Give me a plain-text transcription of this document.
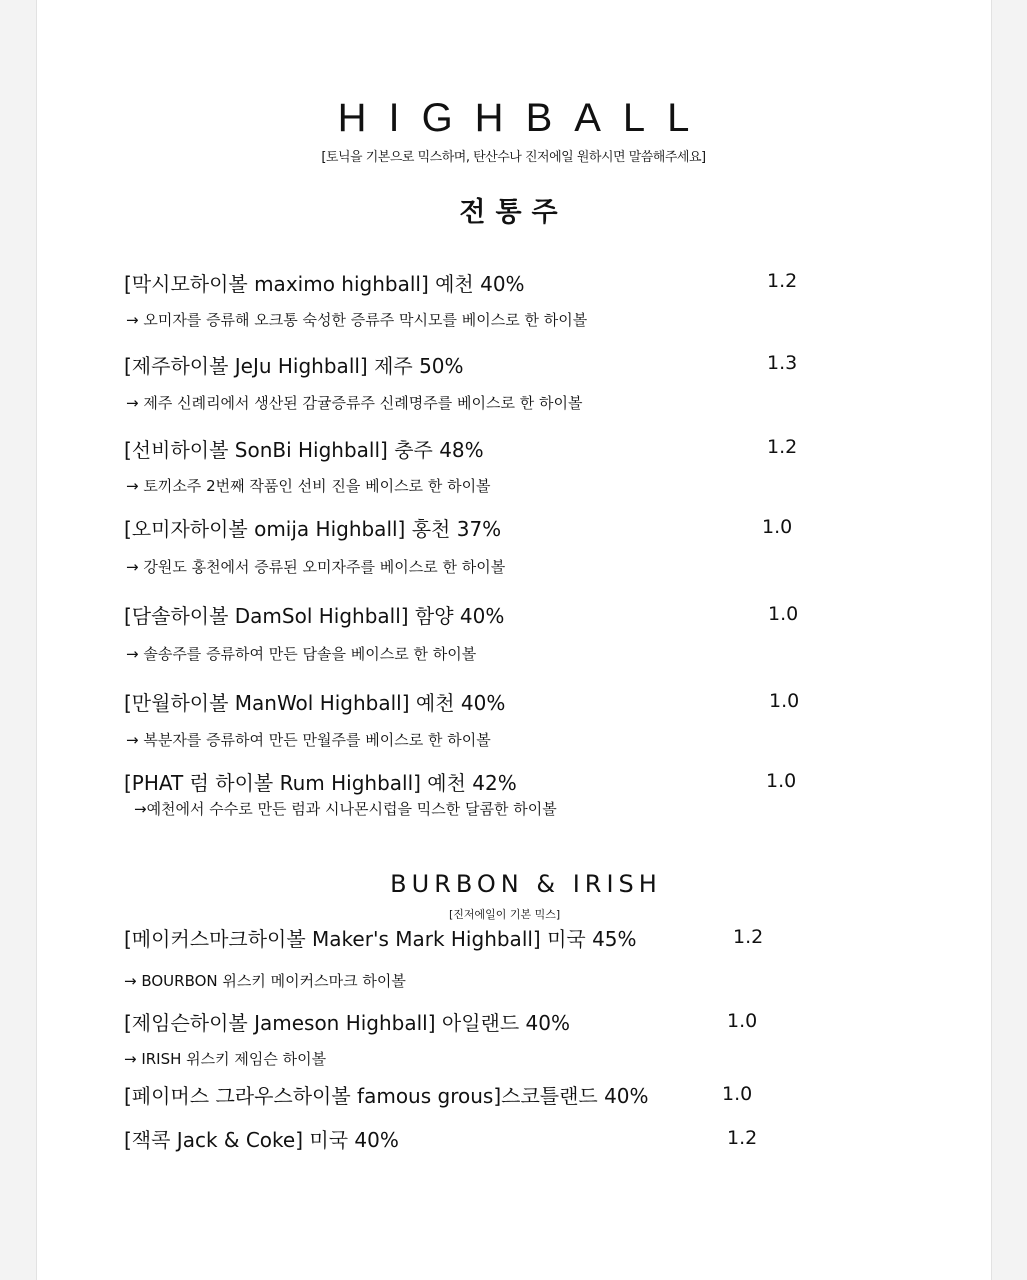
HIGHBALL
[토닉을 기본으로 믹스하며, 탄산수나 진저에일 원하시면 말씀해주세요]
전통주
[막시모하이볼 maximo highball] 예천 40%
→ 오미자를 증류해 오크통 숙성한 증류주 막시모를 베이스로 한 하이볼
1.2
[제주하이볼 JeJu Highball] 제주 50%
→ 제주 신례리에서 생산된 감귤증류주 신례명주를 베이스로 한 하이볼
1.3
[선비하이볼 SonBi Highball] 충주 48%
→ 토끼소주 2번째 작품인 선비 진을 베이스로 한 하이볼
1.2
[오미자하이볼 omija Highball] 홍천 37%
→ 강원도 홍천에서 증류된 오미자주를 베이스로 한 하이볼
1.0
[담솔하이볼 DamSol Highball] 함양 40%
→ 솔송주를 증류하여 만든 담솔을 베이스로 한 하이볼
1.0
[만월하이볼 ManWol Highball] 예천 40%
→ 복분자를 증류하여 만든 만월주를 베이스로 한 하이볼
1.0
[PHAT 럼 하이볼 Rum Highball] 예천 42%
→예천에서 수수로 만든 럼과 시나몬시럽을 믹스한 달콤한 하이볼
1.0
BURBON & IRISH
[진저에일이 기본 믹스]
[메이커스마크하이볼 Maker's Mark Highball] 미국 45%
→ BOURBON 위스키 메이커스마크 하이볼
1.2
[제임슨하이볼 Jameson Highball] 아일랜드 40%
→ IRISH 위스키 제임슨 하이볼
1.0
[페이머스 그라우스하이볼 famous grous]스코틀랜드 40%	1.0
[잭콕 Jack & Coke] 미국 40%	1.2
